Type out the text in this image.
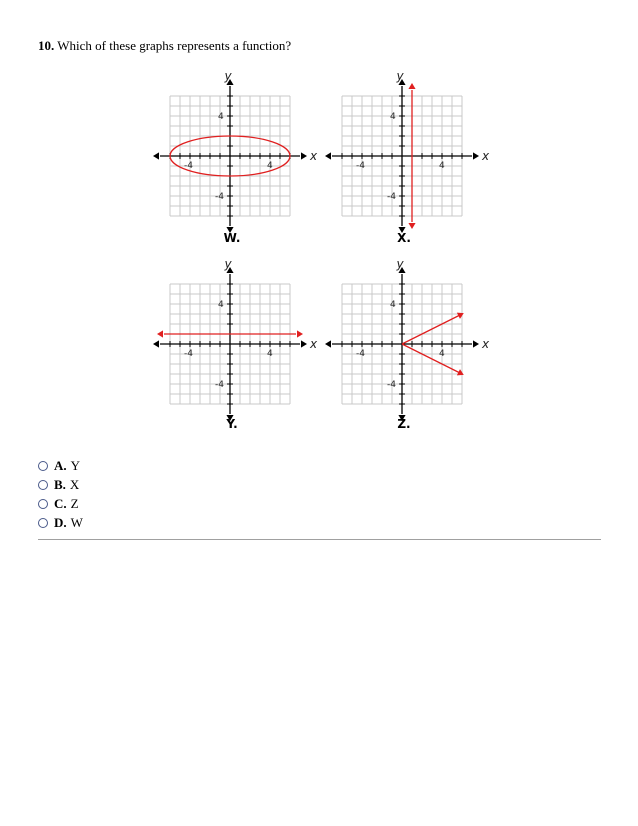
10. Which of these graphs represents a function?
y
x
4
-4
-4	4
W.
y
x
4
-4
-4	4
X.
y
x
4
-4
-4	4
Y.
y
x
4
-4
-4	4
Z.
A. Y
B. X
C. Z
D. W
